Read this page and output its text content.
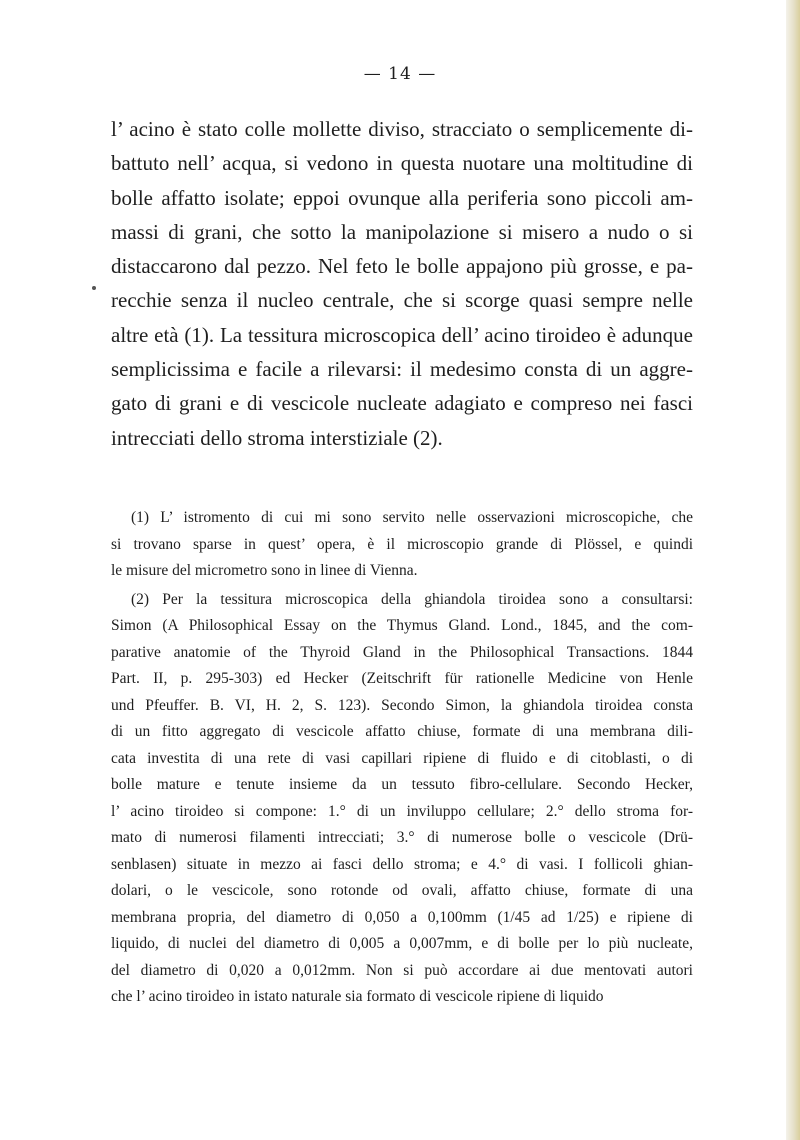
— 14 —
l’ acino è stato colle mollette diviso, stracciato o semplicemente di-
battuto nell’ acqua, si vedono in questa nuotare una moltitudine di
bolle affatto isolate; eppoi ovunque alla periferia sono piccoli am-
massi di grani, che sotto la manipolazione si misero a nudo o si
distaccarono dal pezzo. Nel feto le bolle appajono più grosse, e pa-
recchie senza il nucleo centrale, che si scorge quasi sempre nelle
altre età (1). La tessitura microscopica dell’ acino tiroideo è adunque
semplicissima e facile a rilevarsi: il medesimo consta di un aggre-
gato di grani e di vescicole nucleate adagiato e compreso nei fasci
intrecciati dello stroma interstiziale (2).
(1) L’ istromento di cui mi sono servito nelle osservazioni microscopiche, che
si trovano sparse in quest’ opera, è il microscopio grande di Plössel, e quindi
le misure del micrometro sono in linee di Vienna.
(2) Per la tessitura microscopica della ghiandola tiroidea sono a consultarsi:
Simon (A Philosophical Essay on the Thymus Gland. Lond., 1845, and the com-
parative anatomie of the Thyroid Gland in the Philosophical Transactions. 1844
Part. II, p. 295-303) ed Hecker (Zeitschrift für rationelle Medicine von Henle
und Pfeuffer. B. VI, H. 2, S. 123). Secondo Simon, la ghiandola tiroidea consta
di un fitto aggregato di vescicole affatto chiuse, formate di una membrana dili-
cata investita di una rete di vasi capillari ripiene di fluido e di citoblasti, o di
bolle mature e tenute insieme da un tessuto fibro-cellulare. Secondo Hecker,
l’ acino tiroideo si compone: 1.° di un inviluppo cellulare; 2.° dello stroma for-
mato di numerosi filamenti intrecciati; 3.° di numerose bolle o vescicole (Drü-
senblasen) situate in mezzo ai fasci dello stroma; e 4.° di vasi. I follicoli ghian-
dolari, o le vescicole, sono rotonde od ovali, affatto chiuse, formate di una
membrana propria, del diametro di 0,050 a 0,100mm (1/45 ad 1/25) e ripiene di
liquido, di nuclei del diametro di 0,005 a 0,007mm, e di bolle per lo più nucleate,
del diametro di 0,020 a 0,012mm. Non si può accordare ai due mentovati autori
che l’ acino tiroideo in istato naturale sia formato di vescicole ripiene di liquido
